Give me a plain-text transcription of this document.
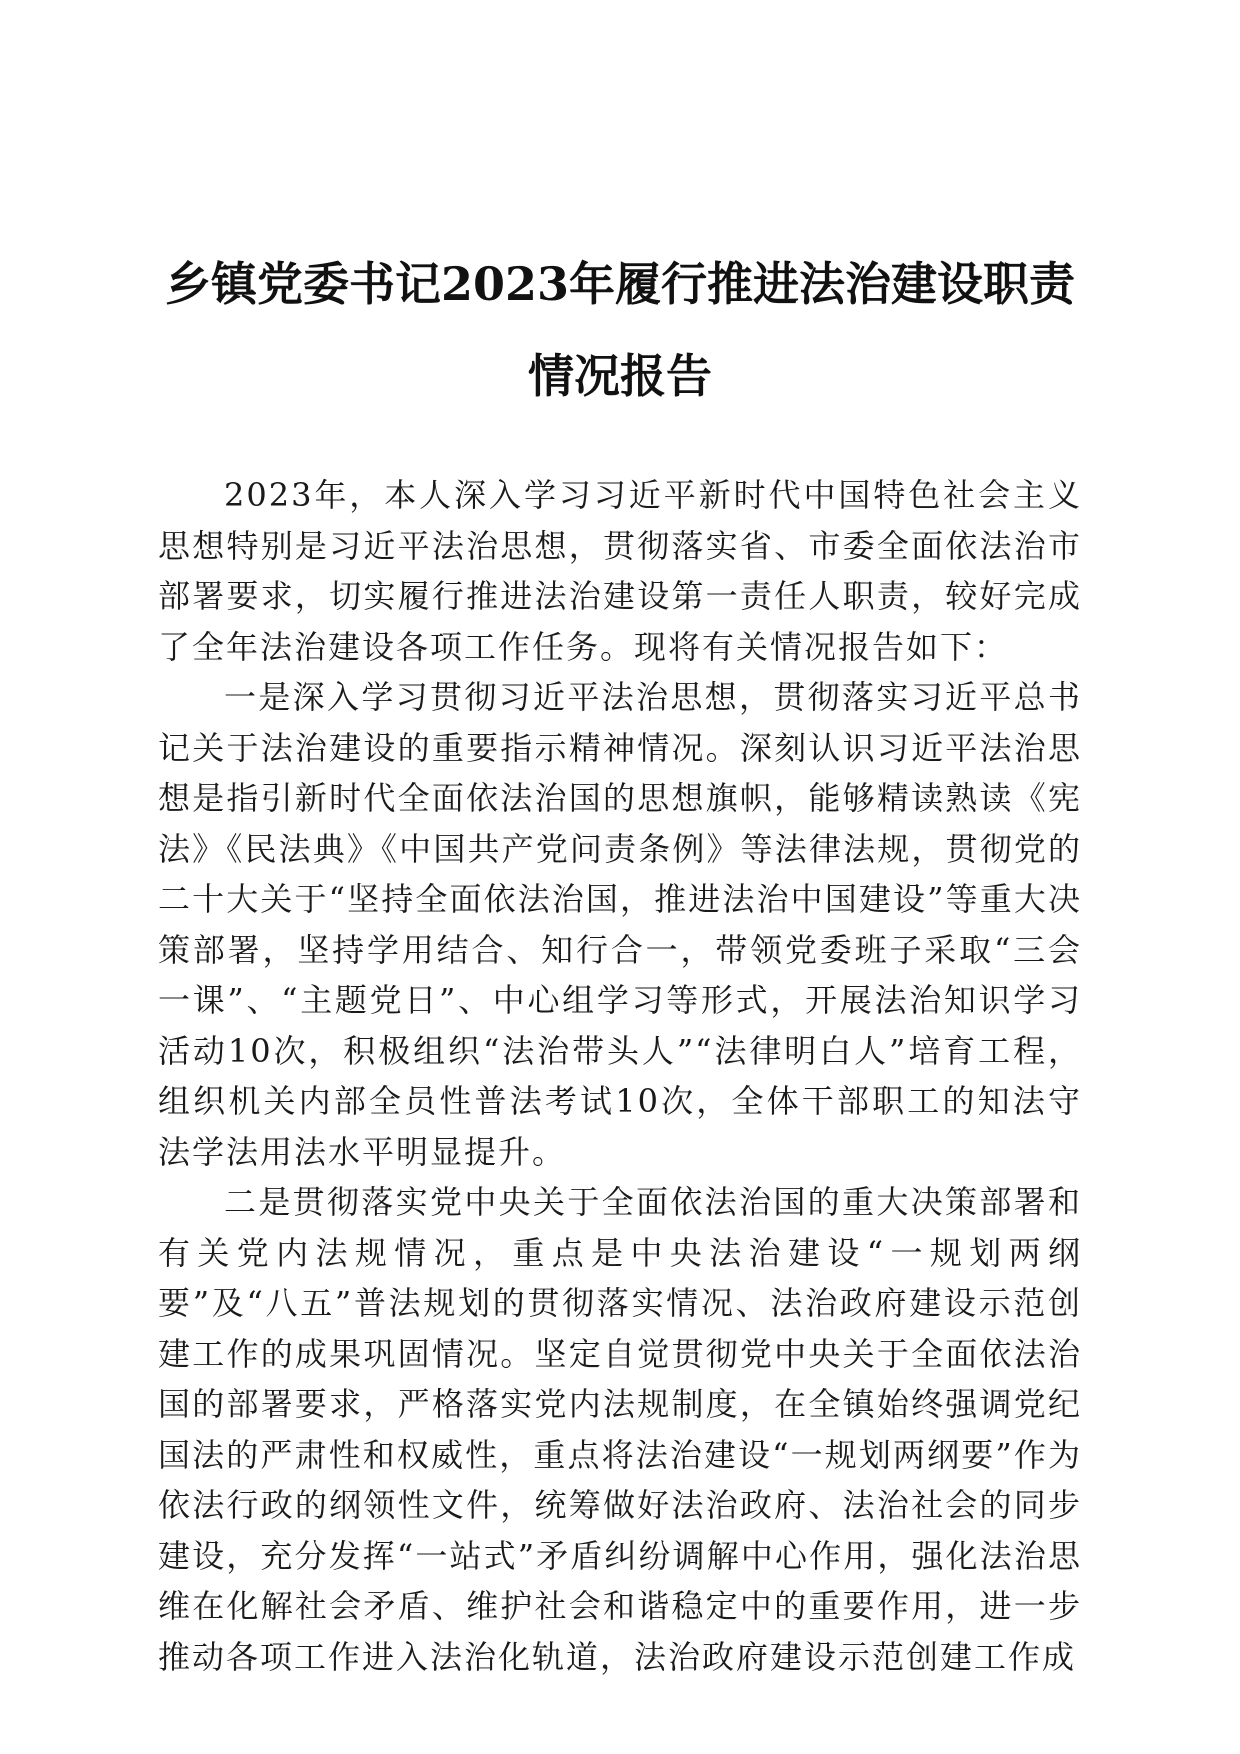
乡镇党委书记2023年履行推进法治建设职责
情况报告

2023年，本人深入学习习近平新时代中国特色社会主义思想特别是习近平法治思想，贯彻落实省、市委全面依法治市部署要求，切实履行推进法治建设第一责任人职责，较好完成了全年法治建设各项工作任务。现将有关情况报告如下：

一是深入学习贯彻习近平法治思想，贯彻落实习近平总书记关于法治建设的重要指示精神情况。深刻认识习近平法治思想是指引新时代全面依法治国的思想旗帜，能够精读熟读《宪法》《民法典》《中国共产党问责条例》等法律法规，贯彻党的二十大关于“坚持全面依法治国，推进法治中国建设”等重大决策部署，坚持学用结合、知行合一，带领党委班子采取“三会一课”、“主题党日”、中心组学习等形式，开展法治知识学习活动10次，积极组织“法治带头人”“法律明白人”培育工程，组织机关内部全员性普法考试10次，全体干部职工的知法守法学法用法水平明显提升。

二是贯彻落实党中央关于全面依法治国的重大决策部署和有关党内法规情况，重点是中央法治建设“一规划两纲要”及“八五”普法规划的贯彻落实情况、法治政府建设示范创建工作的成果巩固情况。坚定自觉贯彻党中央关于全面依法治国的部署要求，严格落实党内法规制度，在全镇始终强调党纪国法的严肃性和权威性，重点将法治建设“一规划两纲要”作为依法行政的纲领性文件，统筹做好法治政府、法治社会的同步建设，充分发挥“一站式”矛盾纠纷调解中心作用，强化法治思维在化解社会矛盾、维护社会和谐稳定中的重要作用，进一步推动各项工作进入法治化轨道，法治政府建设示范创建工作成
